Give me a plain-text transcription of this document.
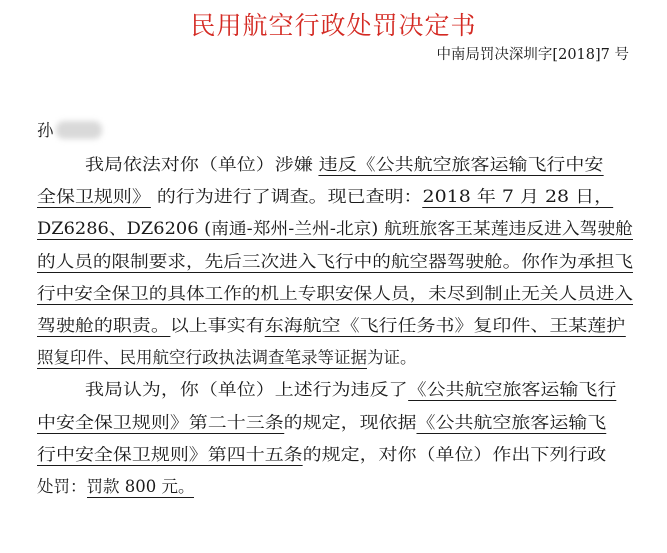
民用航空行政处罚决定书
中南局罚决深圳字[2018]7 号
孙
我局依法对你（单位）涉嫌 违反《公共航空旅客运输飞行中安
全保卫规则》 的行为进行了调查。现已查明：2018 年 7 月 28 日，
DZ6286、DZ6206 (南通-郑州-兰州-北京) 航班旅客王某莲违反进入驾驶舱
的人员的限制要求，先后三次进入飞行中的航空器驾驶舱。你作为承担飞
行中安全保卫的具体工作的机上专职安保人员，未尽到制止无关人员进入
驾驶舱的职责。以上事实有东海航空《飞行任务书》复印件、王某莲护
照复印件、民用航空行政执法调查笔录等证据为证。
我局认为，你（单位）上述行为违反了《公共航空旅客运输飞行
中安全保卫规则》第二十三条的规定，现依据《公共航空旅客运输飞
行中安全保卫规则》第四十五条的规定，对你（单位）作出下列行政
处罚：罚款 800 元。
